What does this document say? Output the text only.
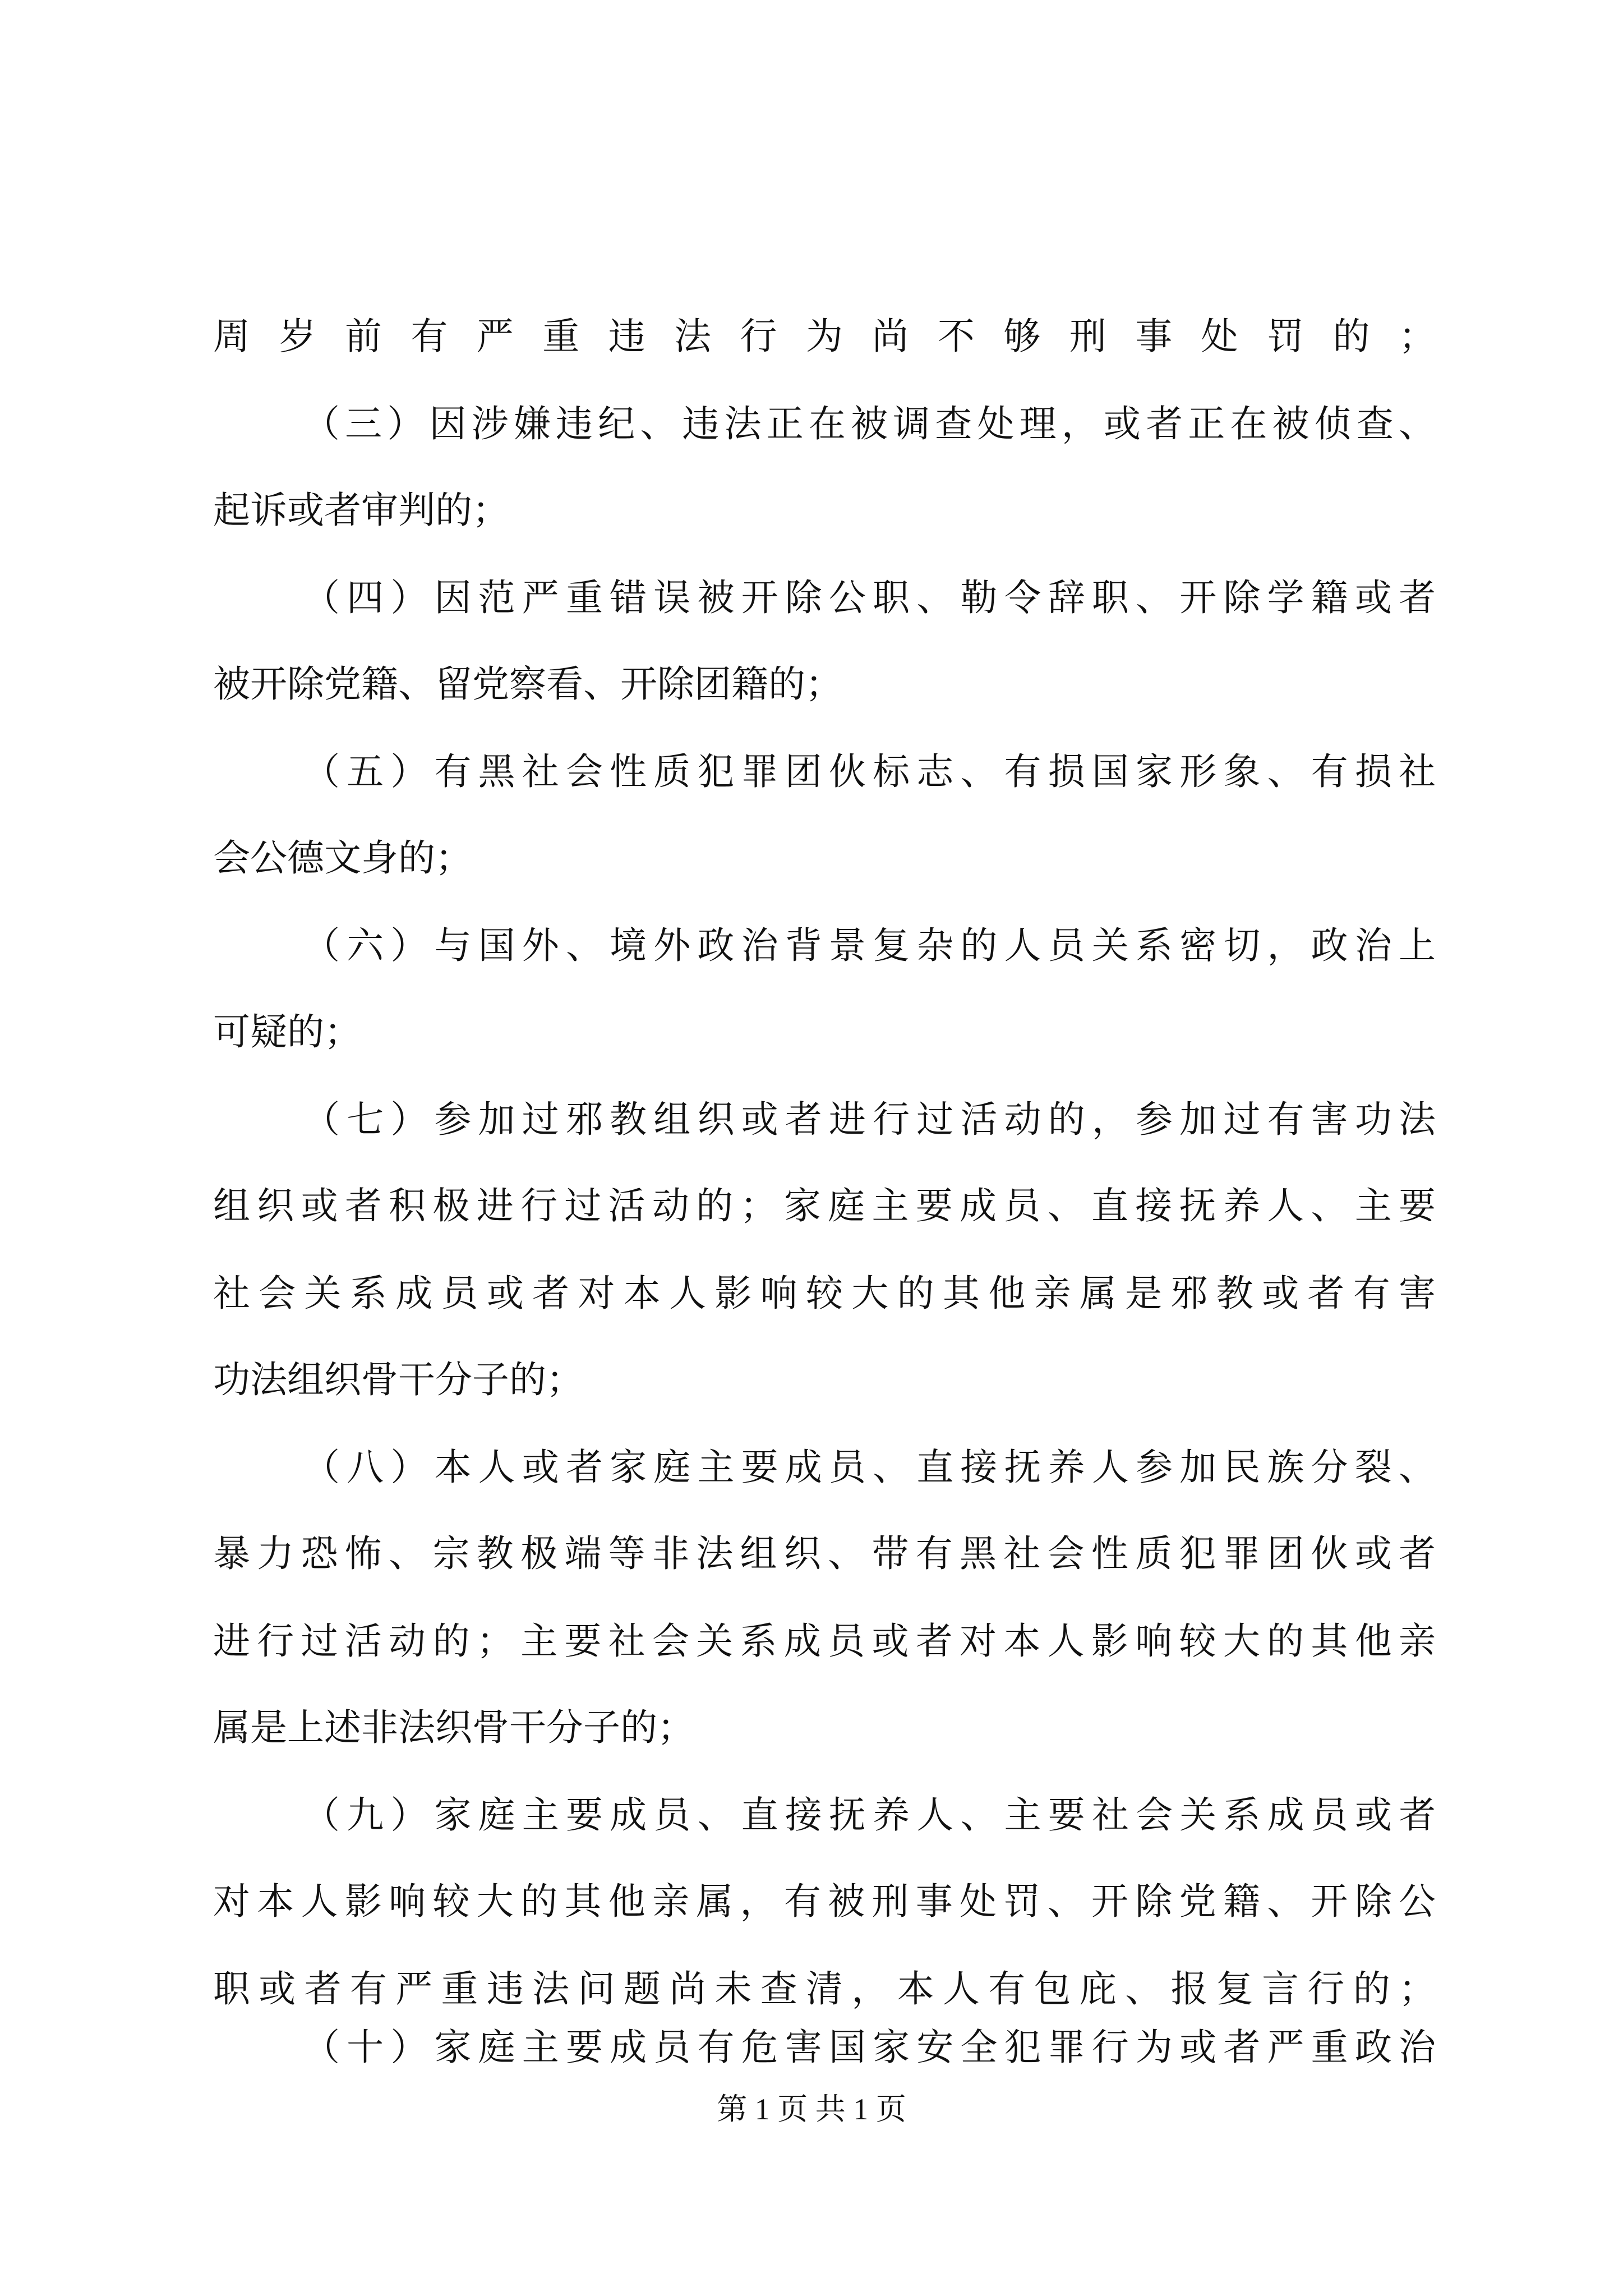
周岁前有严重违法行为尚不够刑事处罚的；
（三）因涉嫌违纪、违法正在被调查处理，或者正在被侦查、
起诉或者审判的；
（四）因范严重错误被开除公职、勒令辞职、开除学籍或者
被开除党籍、留党察看、开除团籍的；
（五）有黑社会性质犯罪团伙标志、有损国家形象、有损社
会公德文身的；
（六）与国外、境外政治背景复杂的人员关系密切，政治上
可疑的；
（七）参加过邪教组织或者进行过活动的，参加过有害功法
组织或者积极进行过活动的；家庭主要成员、直接抚养人、主要
社会关系成员或者对本人影响较大的其他亲属是邪教或者有害
功法组织骨干分子的；
（八）本人或者家庭主要成员、直接抚养人参加民族分裂、
暴力恐怖、宗教极端等非法组织、带有黑社会性质犯罪团伙或者
进行过活动的；主要社会关系成员或者对本人影响较大的其他亲
属是上述非法织骨干分子的；
（九）家庭主要成员、直接抚养人、主要社会关系成员或者
对本人影响较大的其他亲属，有被刑事处罚、开除党籍、开除公
职或者有严重违法问题尚未查清，本人有包庇、报复言行的；
（十）家庭主要成员有危害国家安全犯罪行为或者严重政治
第 1 页 共 1 页
